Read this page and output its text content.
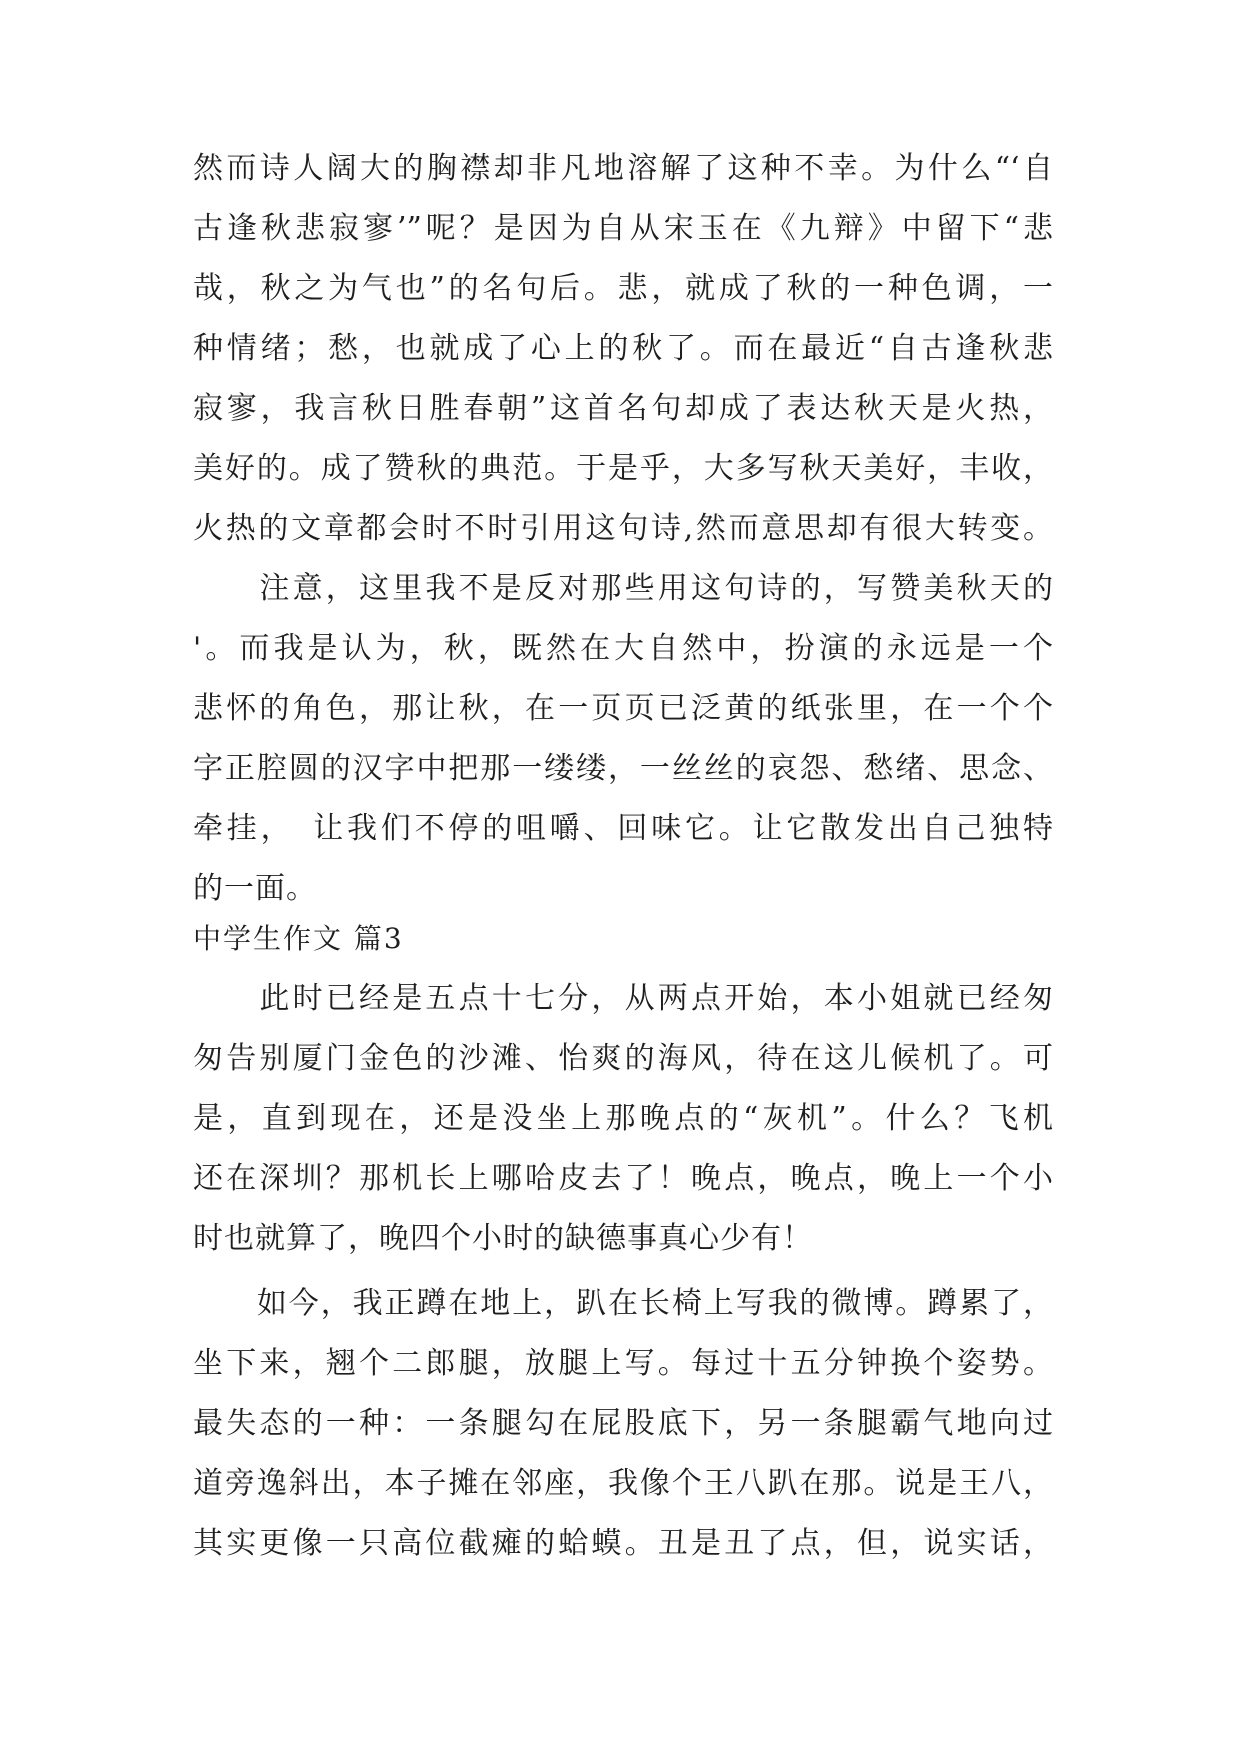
然而诗人阔大的胸襟却非凡地溶解了这种不幸。为什么“‘自
古逢秋悲寂寥’”呢？是因为自从宋玉在《九辩》中留下“悲
哉，秋之为气也”的名句后。悲，就成了秋的一种色调，一
种情绪；愁，也就成了心上的秋了。而在最近“自古逢秋悲
寂寥，我言秋日胜春朝”这首名句却成了表达秋天是火热，
美好的。成了赞秋的典范。于是乎，大多写秋天美好，丰收，
火热的文章都会时不时引用这句诗,然而意思却有很大转变。
　　注意，这里我不是反对那些用这句诗的，写赞美秋天的
'。而我是认为，秋，既然在大自然中，扮演的永远是一个
悲怀的角色，那让秋，在一页页已泛黄的纸张里，在一个个
字正腔圆的汉字中把那一缕缕，一丝丝的哀怨、愁绪、思念、
牵挂，　让我们不停的咀嚼、回味它。让它散发出自己独特
的一面。
中学生作文 篇3
　　此时已经是五点十七分，从两点开始，本小姐就已经匆
匆告别厦门金色的沙滩、怡爽的海风，待在这儿候机了。可
是，直到现在，还是没坐上那晚点的“灰机”。什么？飞机
还在深圳？那机长上哪哈皮去了！晚点，晚点，晚上一个小
时也就算了，晚四个小时的缺德事真心少有！
　　如今，我正蹲在地上，趴在长椅上写我的微博。蹲累了，
坐下来，翘个二郎腿，放腿上写。每过十五分钟换个姿势。
最失态的一种：一条腿勾在屁股底下，另一条腿霸气地向过
道旁逸斜出，本子摊在邻座，我像个王八趴在那。说是王八，
其实更像一只高位截瘫的蛤蟆。丑是丑了点，但，说实话，
